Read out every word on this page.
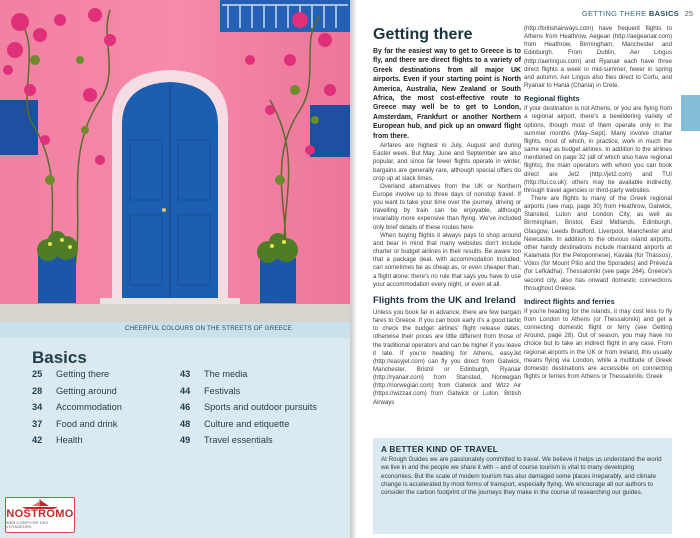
CHEERFUL COLOURS ON THE STREETS OF GREECE
Basics
25 Getting there
28 Getting around
34 Accommodation
37 Food and drink
42 Health
43 The media
44 Festivals
46 Sports and outdoor pursuits
48 Culture and etiquette
49 Travel essentials
NOSTROMO
WEB COMPTOIR DES VOYAGEURS
GETTING THERE BASICS 25
Getting there
By far the easiest way to get to Greece is to fly, and there are direct flights to a variety of Greek destinations from all major UK airports. Even if your starting point is North America, Australia, New Zealand or South Africa, the most cost-effective route to Greece may well be to get to London, Amsterdam, Frankfurt or another Northern European hub, and pick up an onward flight from there.
Airfares are highest in July, August and during Easter week. But May, June and September are also popular, and since far fewer flights operate in winter, bargains are generally rare, although special offers do crop up at slack times.
Overland alternatives from the UK or Northern Europe involve up to three days of nonstop travel. If you want to take your time over the journey, driving or travelling by train can be enjoyable, although invariably more expensive than flying. We've included only brief details of these routes here.
When buying flights it always pays to shop around and bear in mind that many websites don't include charter or budget airlines in their results. Be aware too that a package deal, with accommodation included, can sometimes be as cheap as, or even cheaper than, a flight alone: there's no rule that says you have to use your accommodation every night, or even at all.
Flights from the UK and Ireland
Unless you book far in advance, there are few bargain fares to Greece. If you can book early it's a good tactic to check the budget airlines' flight release dates, otherwise their prices are little different from those of the traditional operators and can be higher if you leave it late. If you're heading for Athens, easyJet (http://easyjet.com) can fly you direct from Gatwick, Manchester, Bristol or Edinburgh, Ryanair (http://ryanair.com) from Stansted, Norwegian (http://norwegian.com) from Gatwick and Wizz Air (https://wizzair.com) from Gatwick or Luton. British Airways
(http://britishairways.com) have frequent flights to Athens from Heathrow, Aegean (http://aegeanair.com) from Heathrow, Birmingham, Manchester and Edinburgh. From Dublin, Aer Lingus (http://aerlingus.com) and Ryanair each have three direct flights a week in mid-summer, fewer in spring and autumn. Aer Lingus also flies direct to Corfu, and Ryanair to Haniá (Chania) in Crete.
Regional flights
If your destination is not Athens, or you are flying from a regional airport, there's a bewildering variety of options, though most of them operate only in the summer months (May–Sept). Many involve charter flights, most of which, in practice, work in much the same way as budget airlines. In addition to the airlines mentioned on page 32 (all of which also have regional flights), the main operators with whom you can book direct are Jet2 (http://jet2.com) and TUI (http://tui.co.uk); others may be available indirectly, through travel agencies or third-party websites.
There are flights to many of the Greek regional airports (see map, page 30) from Heathrow, Gatwick, Stansted, Luton and London City, as well as Birmingham, Bristol, East Midlands, Edinburgh, Glasgow, Leeds Bradford, Liverpool, Manchester and Newcastle. In addition to the obvious island airports, other handy destinations include mainland airports at Kalamata (for the Peloponnese), Kavála (for Thássos), Vólos (for Mount Pílio and the Sporades) and Préveza (for Lefkádha). Thessaloníki (see page 264), Greece's second city, also has onward domestic connections throughout Greece.
Indirect flights and ferries
If you're heading for the islands, it may cost less to fly from London to Athens (or Thessaloníki) and get a connecting domestic flight or ferry (see Getting Around, page 28). Out of season, you may have no choice but to take an indirect flight in any case. From regional airports in the UK or from Ireland, this usually means flying via London, while a multitude of Greek domestic destinations are accessible on connecting flights or ferries from Athens or Thessaloníki. Greek
A BETTER KIND OF TRAVEL
At Rough Guides we are passionately committed to travel. We believe it helps us understand the world we live in and the people we share it with – and of course tourism is vital to many developing economies. But the scale of modern tourism has also damaged some places irreparably, and climate change is accelerated by most forms of transport, especially flying. We encourage all our authors to consider the carbon footprint of the journeys they make in the course of researching our guides.
